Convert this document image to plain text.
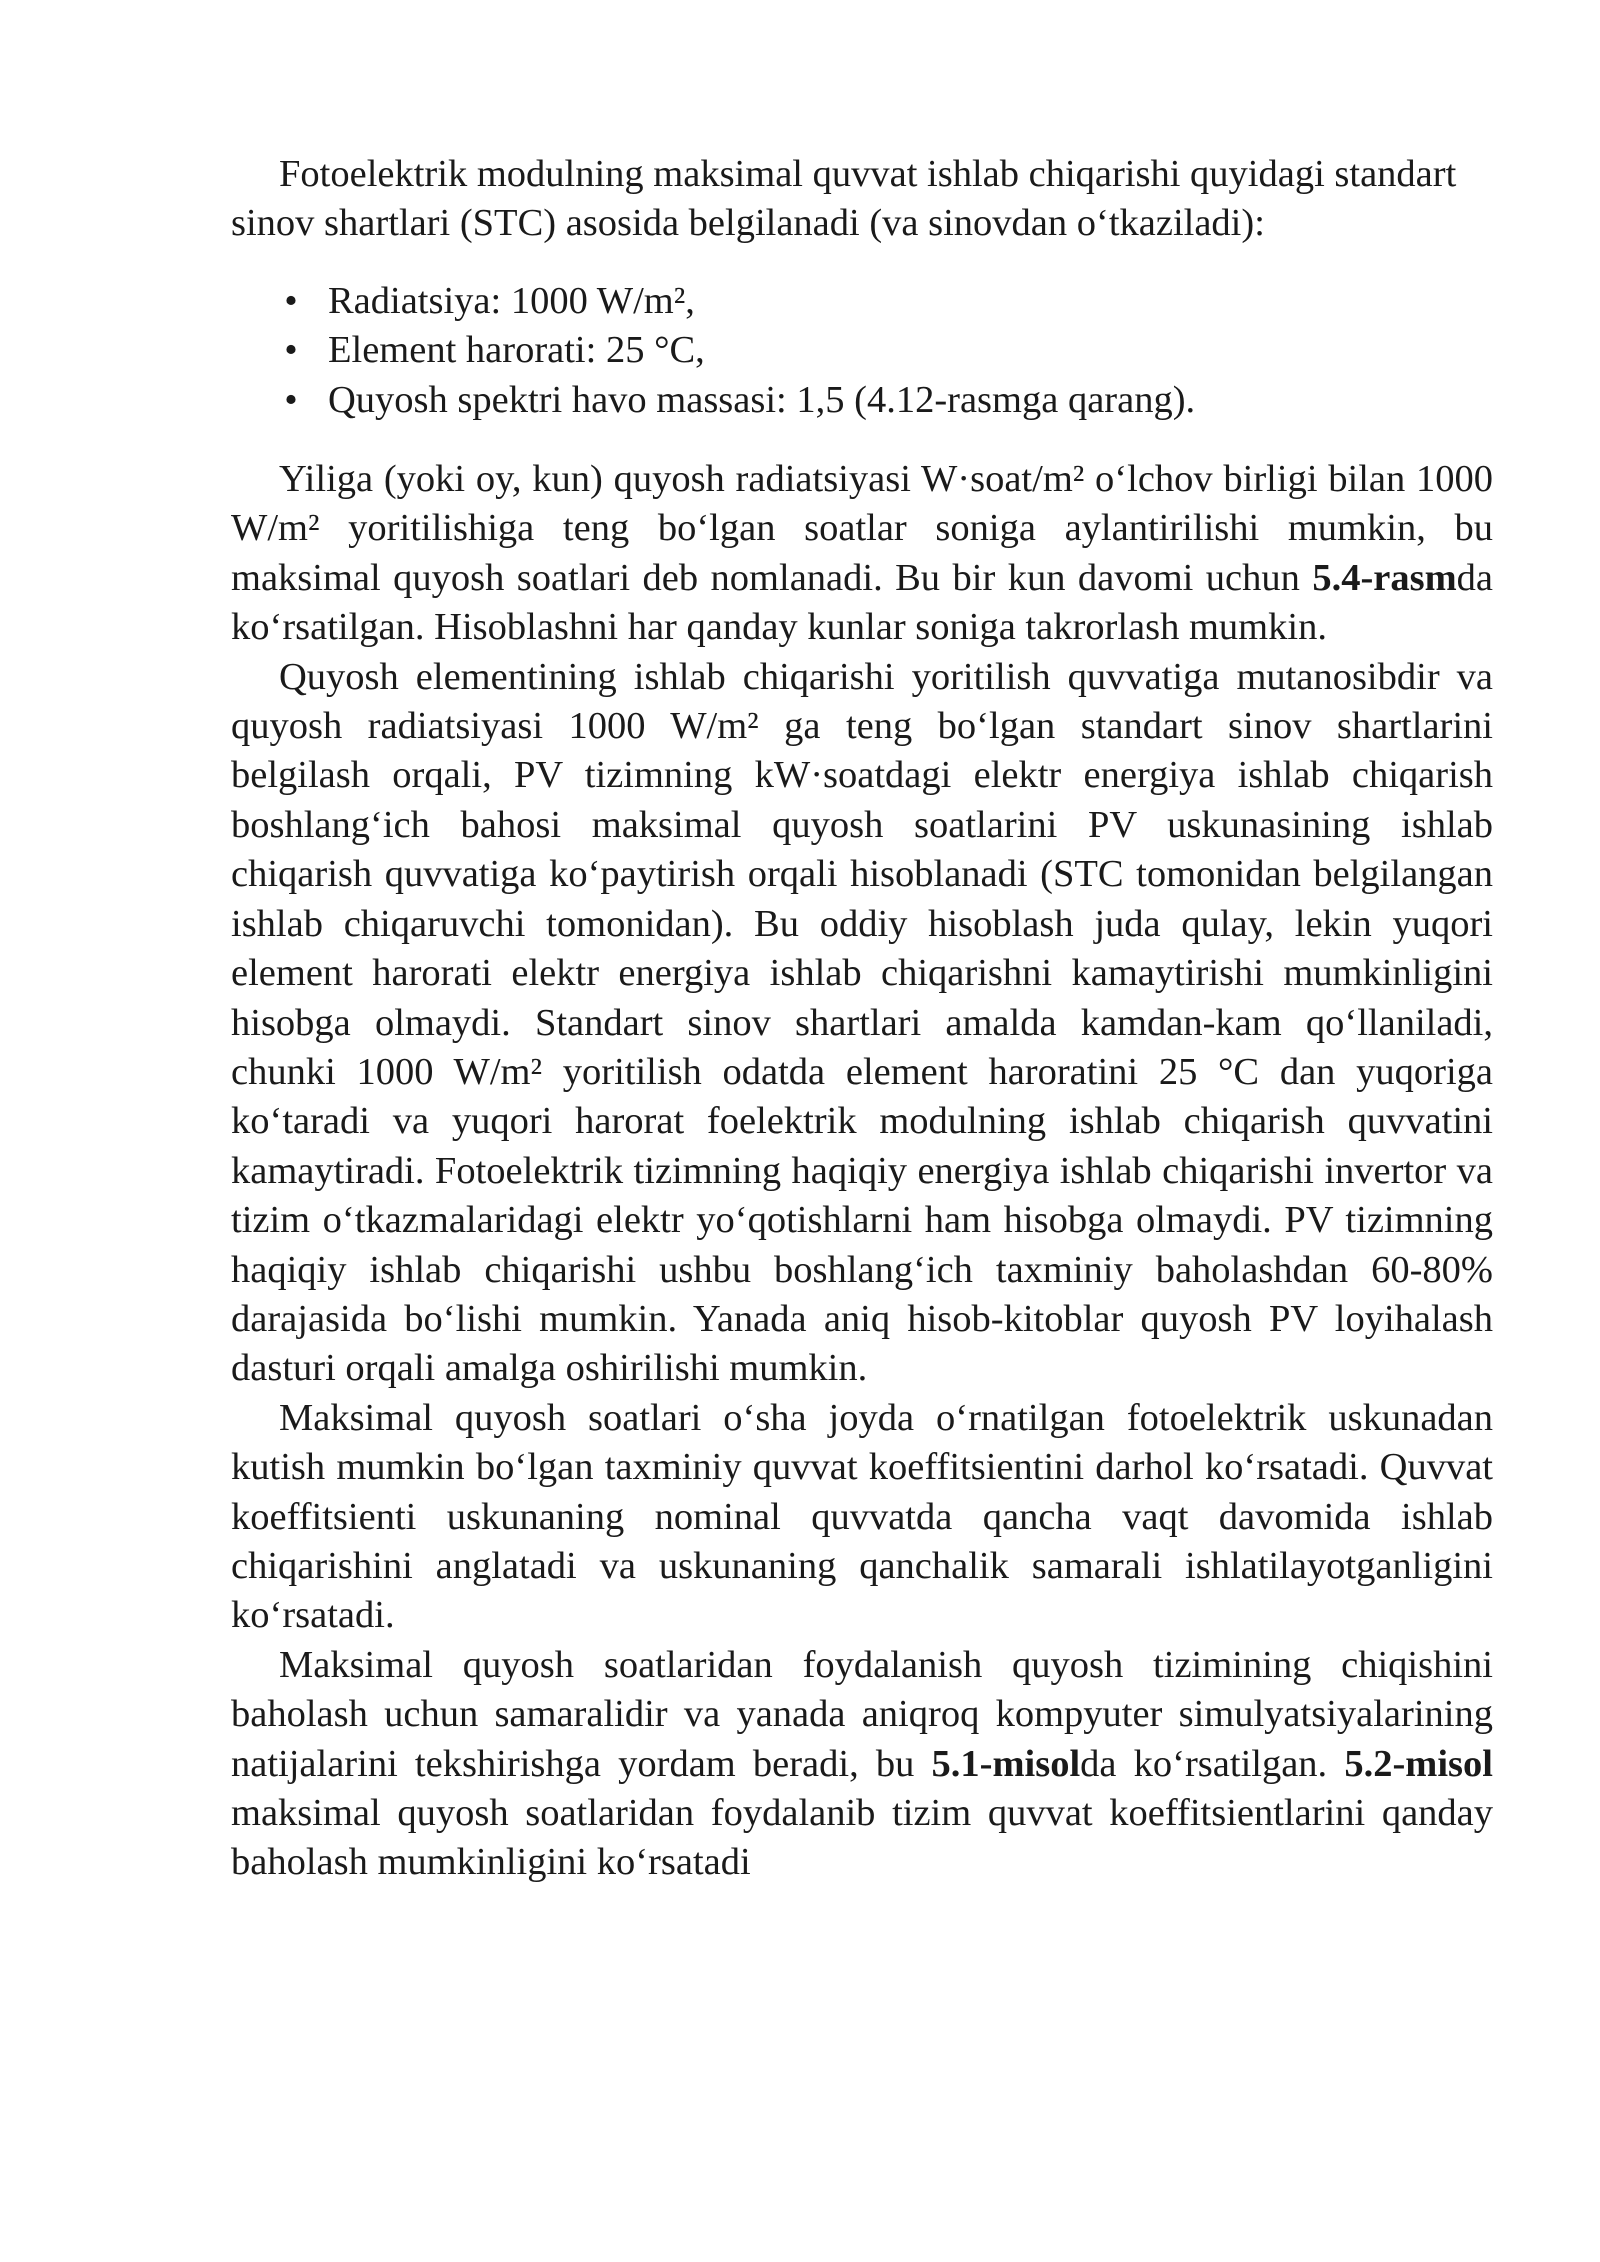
Fotoelektrik modulning maksimal quvvat ishlab chiqarishi quyidagi standart sinov shartlari (STC) asosida belgilanadi (va sinovdan o‘tkaziladi):

• Radiatsiya: 1000 W/m²,
• Element harorati: 25 °C,
• Quyosh spektri havo massasi: 1,5 (4.12-rasmga qarang).

Yiliga (yoki oy, kun) quyosh radiatsiyasi W·soat/m² o‘lchov birligi bilan 1000 W/m² yoritilishiga teng bo‘lgan soatlar soniga aylantirilishi mumkin, bu maksimal quyosh soatlari deb nomlanadi. Bu bir kun davomi uchun 5.4-rasmda ko‘rsatilgan. Hisoblashni har qanday kunlar soniga takrorlash mumkin.

Quyosh elementining ishlab chiqarishi yoritilish quvvatiga mutanosibdir va quyosh radiatsiyasi 1000 W/m² ga teng bo‘lgan standart sinov shartlarini belgilash orqali, PV tizimning kW·soatdagi elektr energiya ishlab chiqarish boshlang‘ich bahosi maksimal quyosh soatlarini PV uskunasining ishlab chiqarish quvvatiga ko‘paytirish orqali hisoblanadi (STC tomonidan belgilangan ishlab chiqaruvchi tomonidan). Bu oddiy hisoblash juda qulay, lekin yuqori element harorati elektr energiya ishlab chiqarishni kamaytirishi mumkinligini hisobga olmaydi. Standart sinov shartlari amalda kamdan-kam qo‘llaniladi, chunki 1000 W/m² yoritilish odatda element haroratini 25 °C dan yuqoriga ko‘taradi va yuqori harorat foelektrik modulning ishlab chiqarish quvvatini kamaytiradi. Fotoelektrik tizimning haqiqiy energiya ishlab chiqarishi invertor va tizim o‘tkazmalaridagi elektr yo‘qotishlarni ham hisobga olmaydi. PV tizimning haqiqiy ishlab chiqarishi ushbu boshlang‘ich taxminiy baholashdan 60-80% darajasida bo‘lishi mumkin. Yanada aniq hisob-kitoblar quyosh PV loyihalash dasturi orqali amalga oshirilishi mumkin.

Maksimal quyosh soatlari o‘sha joyda o‘rnatilgan fotoelektrik uskunadan kutish mumkin bo‘lgan taxminiy quvvat koeffitsientini darhol ko‘rsatadi. Quvvat koeffitsienti uskunaning nominal quvvatda qancha vaqt davomida ishlab chiqarishini anglatadi va uskunaning qanchalik samarali ishlatilayotganligini ko‘rsatadi.

Maksimal quyosh soatlaridan foydalanish quyosh tizimining chiqishini baholash uchun samaralidir va yanada aniqroq kompyuter simulyatsiyalarining natijalarini tekshirishga yordam beradi, bu 5.1-misolda ko‘rsatilgan. 5.2-misol maksimal quyosh soatlaridan foydalanib tizim quvvat koeffitsientlarini qanday baholash mumkinligini ko‘rsatadi
